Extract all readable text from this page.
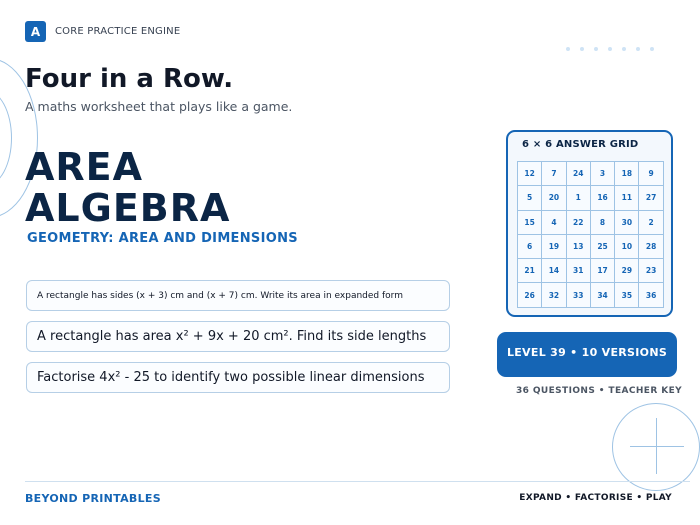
A	CORE PRACTICE ENGINE
Four in a Row.
A maths worksheet that plays like a game.
AREA
ALGEBRA
GEOMETRY: AREA AND DIMENSIONS
A rectangle has sides (x + 3) cm and (x + 7) cm. Write its area in expanded form
A rectangle has area x² + 9x + 20 cm². Find its side lengths
Factorise 4x² - 25 to identify two possible linear dimensions
6 × 6 ANSWER GRID
12	7	24	3	18	9
5	20	1	16	11	27
15	4	22	8	30	2
6	19	13	25	10	28
21	14	31	17	29	23
26	32	33	34	35	36
LEVEL 39 • 10 VERSIONS
36 QUESTIONS • TEACHER KEY
BEYOND PRINTABLES	EXPAND • FACTORISE • PLAY
